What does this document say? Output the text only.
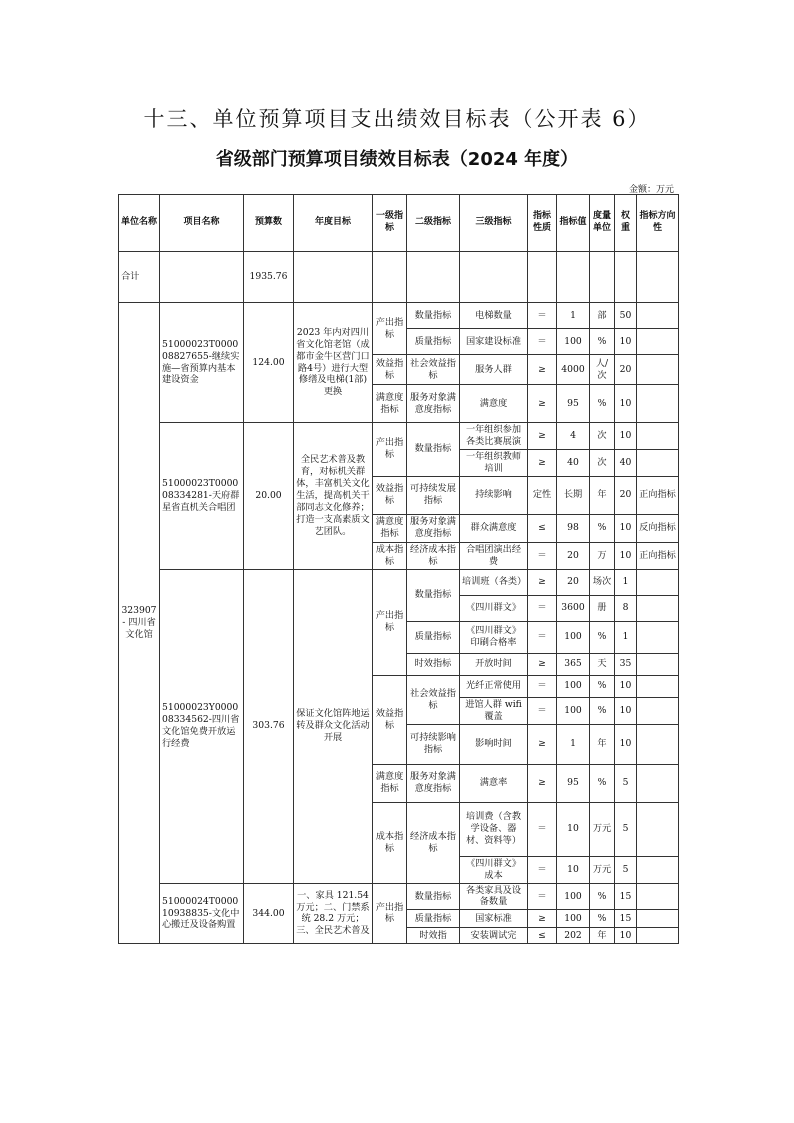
十三、单位预算项目支出绩效目标表（公开表 6）
省级部门预算项目绩效目标表（2024 年度）
金额：万元
单位名称	项目名称	预算数	年度目标	一级指标	二级指标	三级指标	指标性质	指标值	度量单位	权重	指标方向性
合计		1935.76									
323907- 四川省文化馆	51000023T000008827655-继续实施—省预算内基本建设资金	124.00	2023 年内对四川省文化馆老馆（成都市金牛区营门口路4号）进行大型修缮及电梯(1部)更换	产出指标	数量指标	电梯数量	＝	1	部	50	
					质量指标	国家建设标准	＝	100	%	10	
				效益指标	社会效益指标	服务人群	≥	4000	人/次	20	
				满意度指标	服务对象满意度指标	满意度	≥	95	%	10	
	51000023T000008334281-天府群星省直机关合唱团	20.00	全民艺术普及教育，对标机关群体，丰富机关文化生活，提高机关干部同志文化修养；打造一支高素质文艺团队。	产出指标	数量指标	一年组织参加各类比赛展演	≥	4	次	10	
						一年组织教师培训	≥	40	次	40	
				效益指标	可持续发展指标	持续影响	定性	长期	年	20	正向指标
				满意度指标	服务对象满意度指标	群众满意度	≤	98	%	10	反向指标
				成本指标	经济成本指标	合唱团演出经费	＝	20	万	10	正向指标
	51000023Y000008334562-四川省文化馆免费开放运行经费	303.76	保证文化馆阵地运转及群众文化活动开展	产出指标	数量指标	培训班（各类）	≥	20	场次	1	
						《四川群文》	＝	3600	册	8	
					质量指标	《四川群文》印刷合格率	＝	100	%	1	
					时效指标	开放时间	≥	365	天	35	
				效益指标	社会效益指标	光纤正常使用	＝	100	%	10	
						进馆人群 wifi 覆盖	＝	100	%	10	
					可持续影响指标	影响时间	≥	1	年	10	
				满意度指标	服务对象满意度指标	满意率	≥	95	%	5	
				成本指标	经济成本指标	培训费（含教学设备、器材、资料等）	＝	10	万元	5	
						《四川群文》成本	＝	10	万元	5	
	51000024T000010938835-文化中心搬迁及设备购置	344.00	一、家具 121.54 万元；二、门禁系统 28.2 万元；三、全民艺术普及	产出指标	数量指标	各类家具及设备数量	＝	100	%	15	
					质量指标	国家标准	≥	100	%	15	
					时效指	安装调试完	≤	202	年	10	
